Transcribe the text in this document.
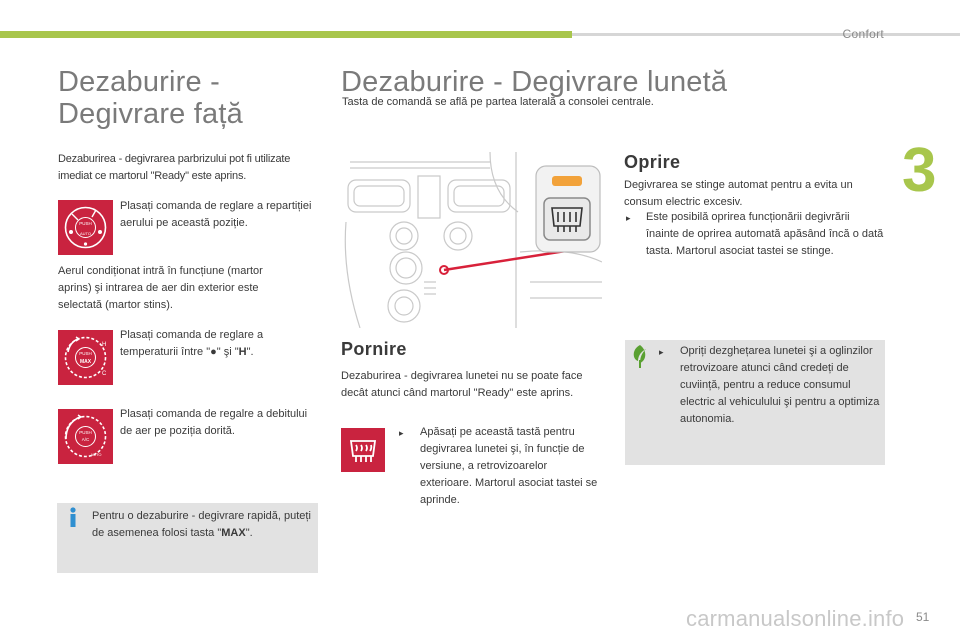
Confort
3
Dezaburire -
Degivrare față
Dezaburirea - degivrarea parbrizului pot fi utilizate imediat ce martorul "Ready" este aprins.
PUSH
AUTO
Plasați comanda de reglare a repartiției aerului pe această poziție.
Aerul condiționat intră în funcțiune (martor aprins) şi intrarea de aer din exterior este selectată (martor stins).
PUSH
MAX
H
C
Plasați comanda de reglare a temperaturii între "●" şi "H".
PUSH
A/C
AUTO
Plasați comanda de regalre a debitului de aer pe poziția dorită.
Pentru o dezaburire - degivrare rapidă, puteți de asemenea folosi tasta "MAX".
Dezaburire - Degivrare lunetă
Tasta de comandă se află pe partea laterală a consolei centrale.
Pornire
Dezaburirea - degivrarea lunetei nu se poate face decât atunci când martorul "Ready" este aprins.
▸ Apăsați pe această tastă pentru degivrarea lunetei şi, în funcție de versiune, a retrovizoarelor exterioare. Martorul asociat tastei se aprinde.
Oprire
Degivrarea se stinge automat pentru a evita un consum electric excesiv.
▸ Este posibilă oprirea funcționării degivrării înainte de oprirea automată apăsând încă o dată tasta. Martorul asociat tastei se stinge.
▸ Opriți dezghețarea lunetei şi a oglinzilor retrovizoare atunci când credeți de cuviință, pentru a reduce consumul electric al vehiculului şi pentru a optimiza autonomia.
carmanualsonline.info 51
